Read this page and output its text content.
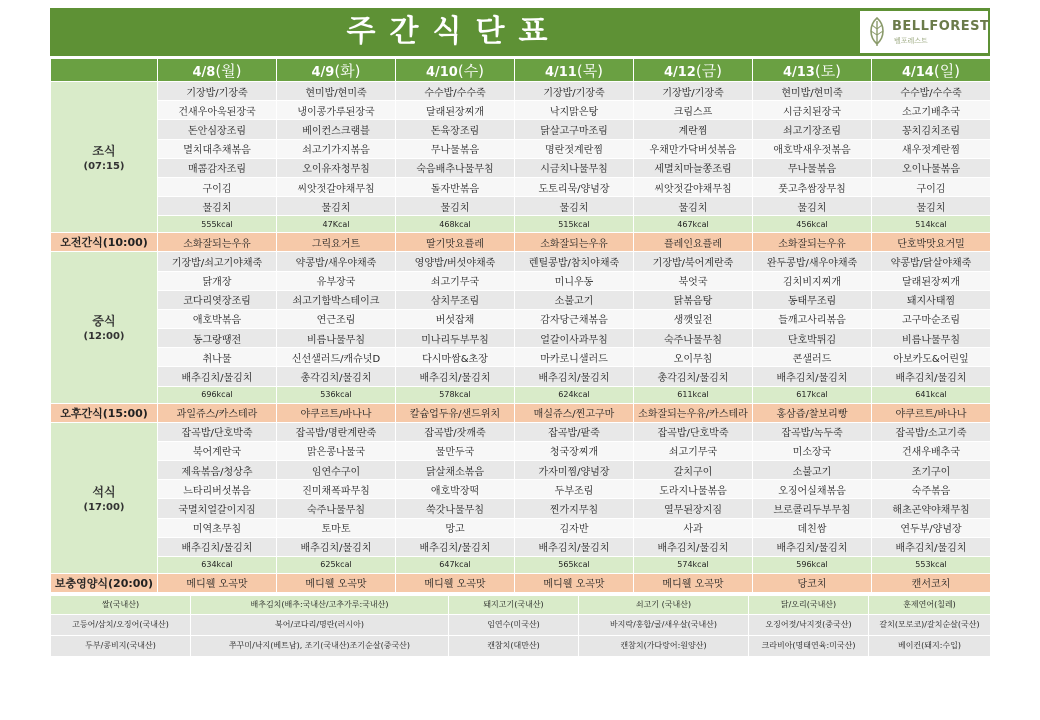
주간식단표	BELLFOREST
벨포레스트
	4/8(월)	4/9(화)	4/10(수)	4/11(목)	4/12(금)	4/13(토)	4/14(일)
조식
(07:15)	기장밥/기장죽	현미밥/현미죽	수수밥/수수죽	기장밥/기장죽	기장밥/기장죽	현미밥/현미죽	수수밥/수수죽
	건새우아욱된장국	냉이콩가루된장국	달래된장찌개	낙지맑은탕	크림스프	시금치된장국	소고기배추국
	돈안심장조림	베이컨스크램블	돈육장조림	닭살고구마조림	계란찜	쇠고기장조림	꽁치김치조림
	멸치대추채볶음	쇠고기가지볶음	무나물볶음	명란젓계란찜	우채만가닥버섯볶음	애호박새우젓볶음	새우젓계란찜
	매콤감자조림	오이유자청무침	숙음배추나물무침	시금치나물무침	세멸치마늘쫑조림	무나물볶음	오이나물볶음
	구이김	씨앗젓갈야채무침	돌자반볶음	도토리묵/양념장	씨앗젓갈야채무침	풋고추쌈장무침	구이김
	물김치	물김치	물김치	물김치	물김치	물김치	물김치
	555kcal	47Kcal	468kcal	515kcal	467kcal	456kcal	514kcal
오전간식(10:00)	소화잘되는우유	그릭요거트	딸기맛요플레	소화잘되는우유	플레인요플레	소화잘되는우유	단호박맛요거밀
중식
(12:00)	기장밥/쇠고기야채죽	약콩밥/새우야채죽	영양밥/버섯야채죽	렌틸콩밥/참치야채죽	기장밥/북어계란죽	완두콩밥/새우야채죽	약콩밥/닭살야채죽
	닭개장	유부장국	쇠고기무국	미니우동	북엇국	김치비지찌개	달래된장찌개
	코다리엿장조림	쇠고기함박스테이크	삼치무조림	소불고기	닭볶음탕	동태무조림	돼지사태찜
	애호박볶음	연근조림	버섯잡채	감자당근채볶음	생깻잎전	들깨고사리볶음	고구마순조림
	동그랑땡전	비름나물무침	미나리두부무침	얼갈이사과무침	숙주나물무침	단호박튀김	비름나물무침
	취나물	신선샐러드/캐슈넛D	다시마쌈&초장	마카로니샐러드	오이무침	콘샐러드	아보카도&어린잎
	배추김치/물김치	총각김치/물김치	배추김치/물김치	배추김치/물김치	총각김치/물김치	배추김치/물김치	배추김치/물김치
	696kcal	536kcal	578kcal	624kcal	611kcal	617kcal	641kcal
오후간식(15:00)	과일쥬스/카스테라	야쿠르트/바나나	칼슘업두유/샌드위치	매실쥬스/찐고구마	소화잘되는우유/카스테라	홍삼즙/찰보리빵	야쿠르트/바나나
석식
(17:00)	잡곡밥/단호박죽	잡곡밥/명란계란죽	잡곡밥/잣깨죽	잡곡밥/팥죽	잡곡밥/단호박죽	잡곡밥/녹두죽	잡곡밥/소고기죽
	북어계란국	맑은콩나물국	물만두국	청국장찌개	쇠고기무국	미소장국	건새우배추국
	제육볶음/청상추	임연수구이	닭살채소볶음	가자미찜/양념장	갈치구이	소불고기	조기구이
	느타리버섯볶음	진미채폭파무침	애호박장떡	두부조림	도라지나물볶음	오징어실채볶음	숙주볶음
	국멸치얼갈이지짐	숙주나물무침	쑥갓나물무침	찐가지무침	열무된장지짐	브로콜리두부무침	해초곤약야채무침
	미역초무침	토마토	망고	김자반	사과	데친쌈	연두부/양념장
	배추김치/물김치	배추김치/물김치	배추김치/물김치	배추김치/물김치	배추김치/물김치	배추김치/물김치	배추김치/물김치
	634kcal	625kcal	647kcal	565kcal	574kcal	596kcal	553kcal
보충영양식(20:00)	메디웰 오곡맛	메디웰 오곡맛	메디웰 오곡맛	메디웰 오곡맛	메디웰 오곡맛	당코치	캔서코치
쌀(국내산)	배추김치(배추:국내산/고추가루:국내산)	돼지고기(국내산)	쇠고기 (국내산)	닭/오리(국내산)	훈제연어(칠레)
고등어/삼치/오징어(국내산)	북어/코다리/명란(러시아)	임연수(미국산)	바지락/홍합/굴/새우살(국내산)	오징어젓/낙지젓(중국산)	갈치(모로코)/갈치순살(국산)
두부/콩비지(국내산)	쭈꾸미/낙지(베트남), 조기(국내산)조기순살(중국산)	캔참치(대만산)	캔참치(가다랑어:원양산)	크라비아(명태연육:미국산)	베이컨(돼지:수입)
